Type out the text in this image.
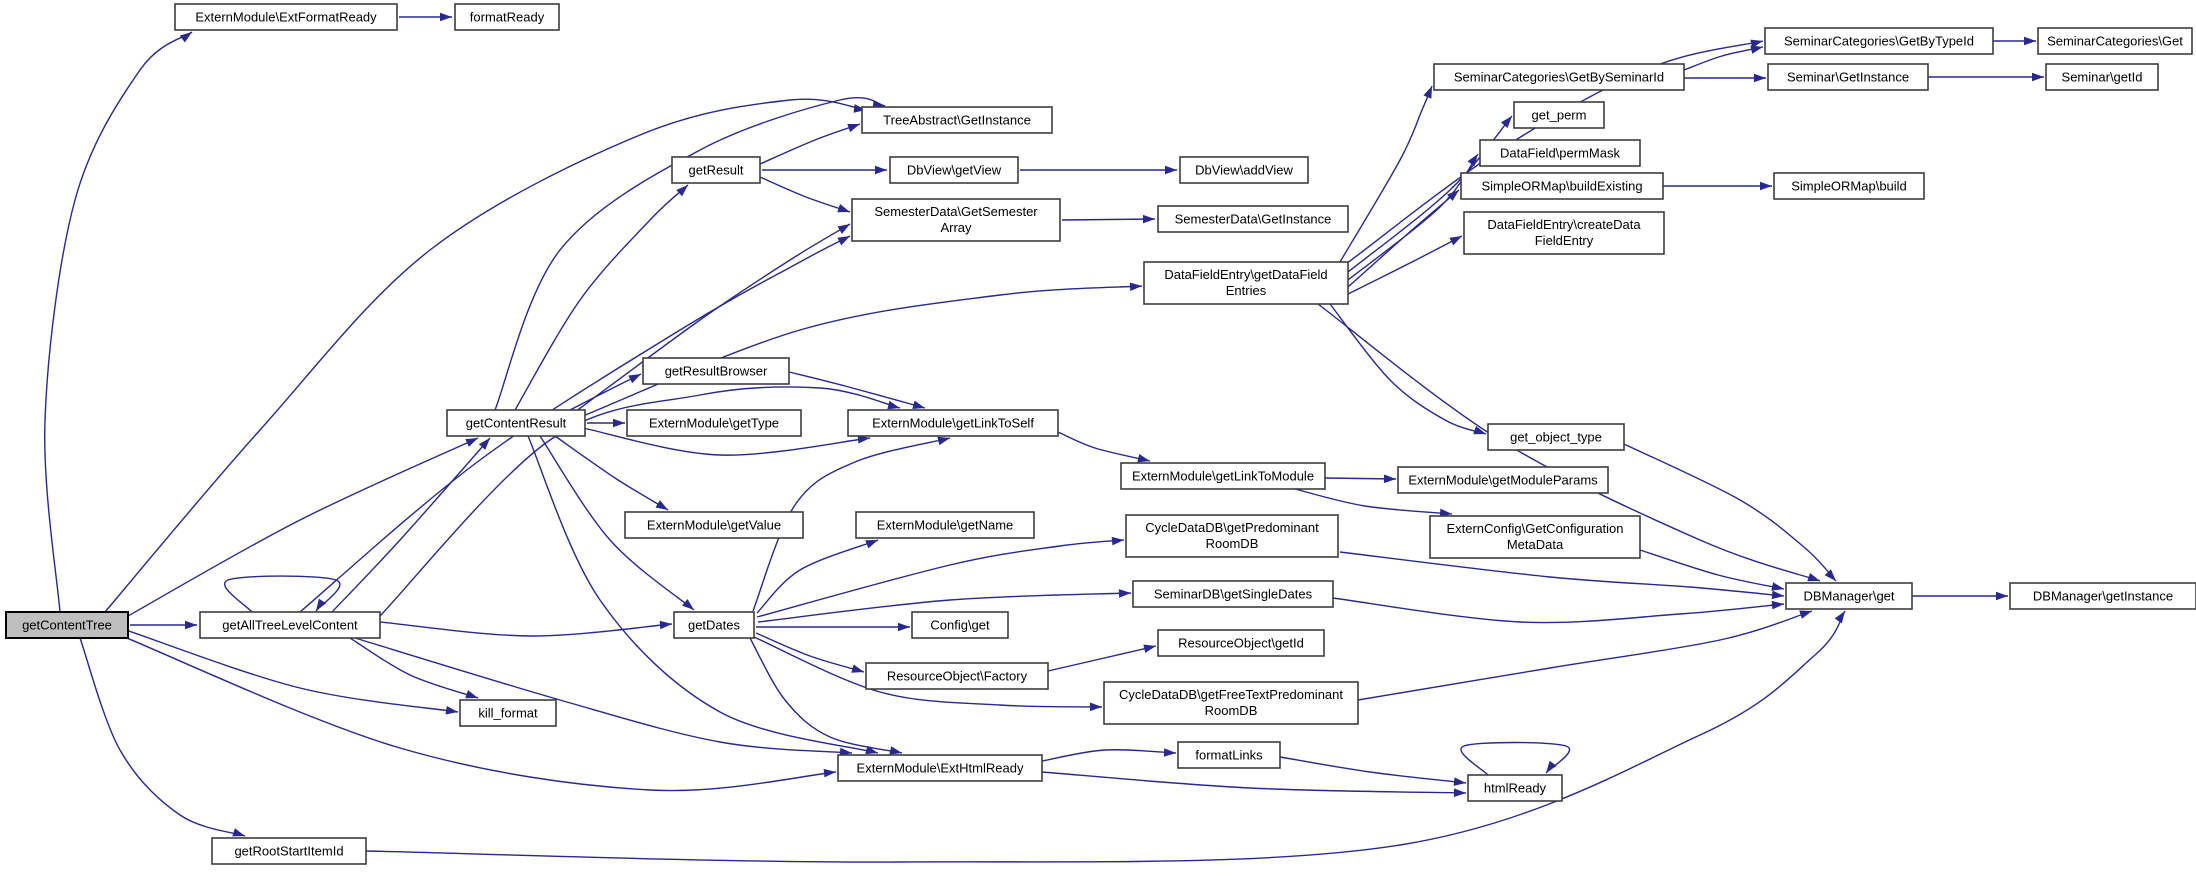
getContentTree
ExternModule\ExtFormatReady	formatReady
TreeAbstract\GetInstance
getResult	DbView\getView	DbView\addView
SemesterData\GetSemester Array
SemesterData\GetInstance
DataFieldEntry\getDataField Entries
SeminarCategories\GetByTypeId	SeminarCategories\Get
SeminarCategories\GetBySeminarId	Seminar\GetInstance	Seminar\getId
get_perm
DataField\permMask
SimpleORMap\buildExisting	SimpleORMap\build
DataFieldEntry\createData FieldEntry
get_object_type
getResultBrowser
getContentResult	ExternModule\getType	ExternModule\getLinkToSelf
ExternModule\getValue	ExternModule\getName
ExternModule\getLinkToModule	ExternModule\getModuleParams
ExternConfig\GetConfiguration MetaData
CycleDataDB\getPredominant RoomDB
SeminarDB\getSingleDates
getDates	Config\get
ResourceObject\getId
ResourceObject\Factory
CycleDataDB\getFreeTextPredominant RoomDB
getAllTreeLevelContent
kill_format
ExternModule\ExtHtmlReady
formatLinks
htmlReady
getRootStartItemId
DBManager\get	DBManager\getInstance
